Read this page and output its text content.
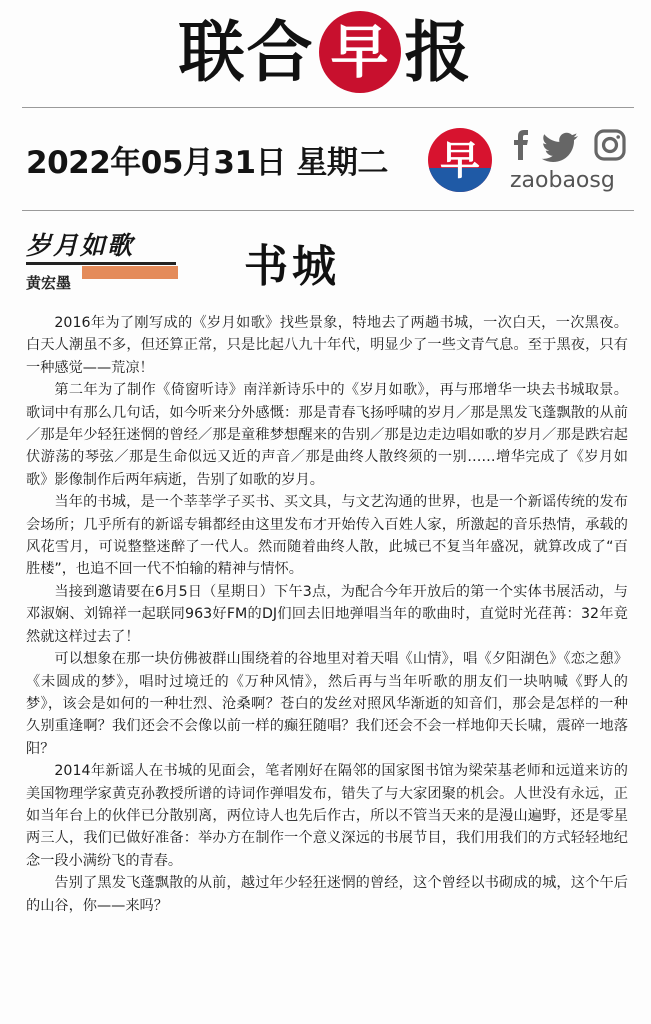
联合 早 报
2022年05月31日 星期二 早 zaobaosg
岁月如歌
黄宏墨	书城

2016年为了刚写成的《岁月如歌》找些景象，特地去了两趟书城，一次白天，一次黑夜。白天人潮虽不多，但还算正常，只是比起八九十年代，明显少了一些文青气息。至于黑夜，只有一种感觉——荒凉！

第二年为了制作《倚窗听诗》南洋新诗乐中的《岁月如歌》，再与邢增华一块去书城取景。歌词中有那么几句话，如今听来分外感慨：那是青春飞扬呼啸的岁月／那是黑发飞蓬飘散的从前／那是年少轻狂迷惘的曾经／那是童稚梦想醒来的告别／那是边走边唱如歌的岁月／那是跌宕起伏游荡的琴弦／那是生命似远又近的声音／那是曲终人散终须的一别……增华完成了《岁月如歌》影像制作后两年病逝，告别了如歌的岁月。

当年的书城，是一个莘莘学子买书、买文具，与文艺沟通的世界，也是一个新谣传统的发布会场所；几乎所有的新谣专辑都经由这里发布才开始传入百姓人家，所激起的音乐热情，承载的风花雪月，可说整整迷醉了一代人。然而随着曲终人散，此城已不复当年盛况，就算改成了“百胜楼”，也追不回一代不怕输的精神与情怀。

当接到邀请要在6月5日（星期日）下午3点，为配合今年开放后的第一个实体书展活动，与邓淑娴、刘锦祥一起联同963好FM的DJ们回去旧地弹唱当年的歌曲时，直觉时光荏苒：32年竟然就这样过去了！

可以想象在那一块仿佛被群山围绕着的谷地里对着天唱《山情》，唱《夕阳湖色》《恋之憩》《未圆成的梦》，唱时过境迁的《万种风情》，然后再与当年听歌的朋友们一块呐喊《野人的梦》，该会是如何的一种壮烈、沧桑啊？苍白的发丝对照风华渐逝的知音们，那会是怎样的一种久别重逢啊？我们还会不会像以前一样的癫狂随唱？我们还会不会一样地仰天长啸，震碎一地落阳？

2014年新谣人在书城的见面会，笔者刚好在隔邻的国家图书馆为梁荣基老师和远道来访的美国物理学家黄克孙教授所谱的诗词作弹唱发布，错失了与大家团聚的机会。人世没有永远，正如当年台上的伙伴已分散别离，两位诗人也先后作古，所以不管当天来的是漫山遍野，还是零星两三人，我们已做好准备：举办方在制作一个意义深远的书展节目，我们用我们的方式轻轻地纪念一段小满纷飞的青春。

告别了黑发飞蓬飘散的从前，越过年少轻狂迷惘的曾经，这个曾经以书砌成的城，这个午后的山谷，你——来吗？
